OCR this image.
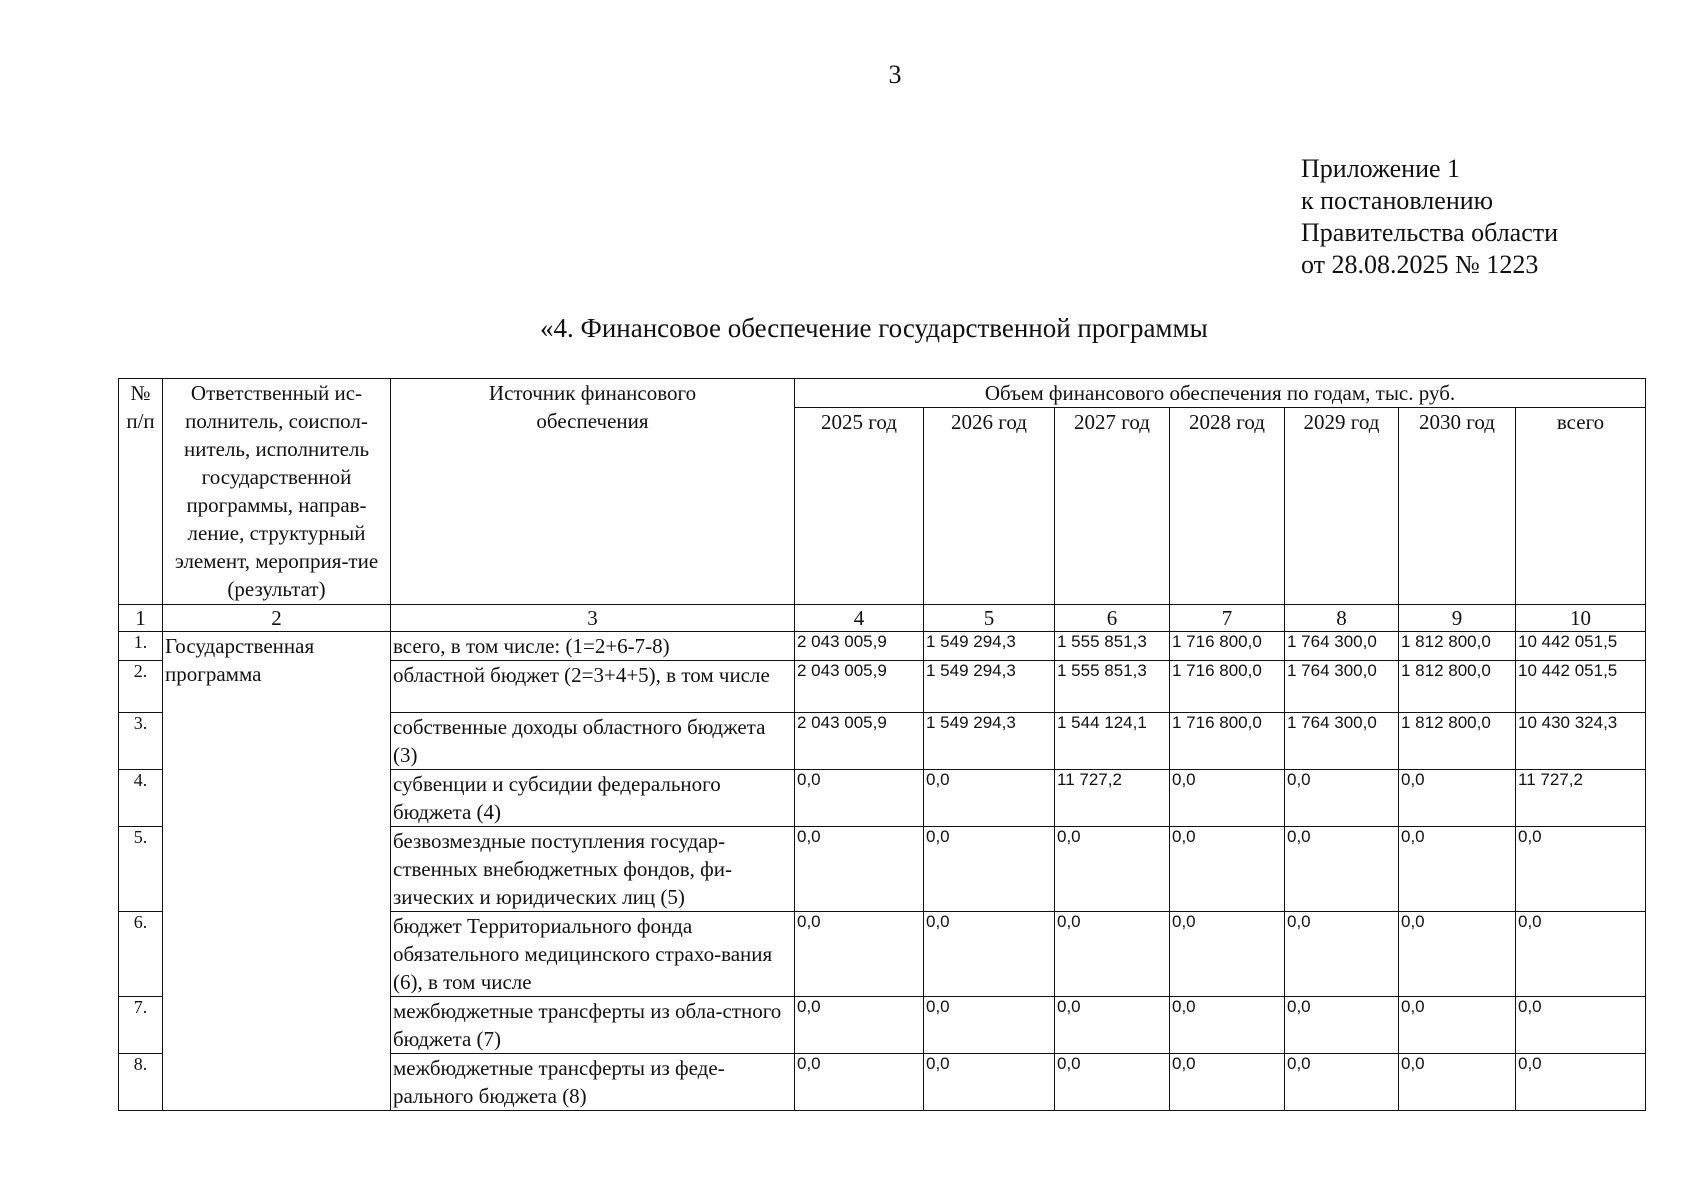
3
Приложение 1
к постановлению
Правительства области
от 28.08.2025 № 1223
«4. Финансовое обеспечение государственной программы
№ п/п	Ответственный ис-полнитель, соиспол-нитель, исполнитель государственной программы, направ-ление, структурный элемент, мероприя-тие (результат)	Источник финансового обеспечения	Объем финансового обеспечения по годам, тыс. руб.						
			2025 год	2026 год	2027 год	2028 год	2029 год	2030 год	всего
1	2	3	4	5	6	7	8	9	10
1.	Государственная программа	всего, в том числе: (1=2+6-7-8)	2 043 005,9	1 549 294,3	1 555 851,3	1 716 800,0	1 764 300,0	1 812 800,0	10 442 051,5
2.		областной бюджет (2=3+4+5), в том числе	2 043 005,9	1 549 294,3	1 555 851,3	1 716 800,0	1 764 300,0	1 812 800,0	10 442 051,5
3.		собственные доходы областного бюджета (3)	2 043 005,9	1 549 294,3	1 544 124,1	1 716 800,0	1 764 300,0	1 812 800,0	10 430 324,3
4.		субвенции и субсидии федерального бюджета (4)	0,0	0,0	11 727,2	0,0	0,0	0,0	11 727,2
5.		безвозмездные поступления государ-ственных внебюджетных фондов, фи-зических и юридических лиц (5)	0,0	0,0	0,0	0,0	0,0	0,0	0,0
6.		бюджет Территориального фонда обязательного медицинского страхо-вания (6), в том числе	0,0	0,0	0,0	0,0	0,0	0,0	0,0
7.		межбюджетные трансферты из обла-стного бюджета (7)	0,0	0,0	0,0	0,0	0,0	0,0	0,0
8.		межбюджетные трансферты из феде-рального бюджета (8)	0,0	0,0	0,0	0,0	0,0	0,0	0,0
